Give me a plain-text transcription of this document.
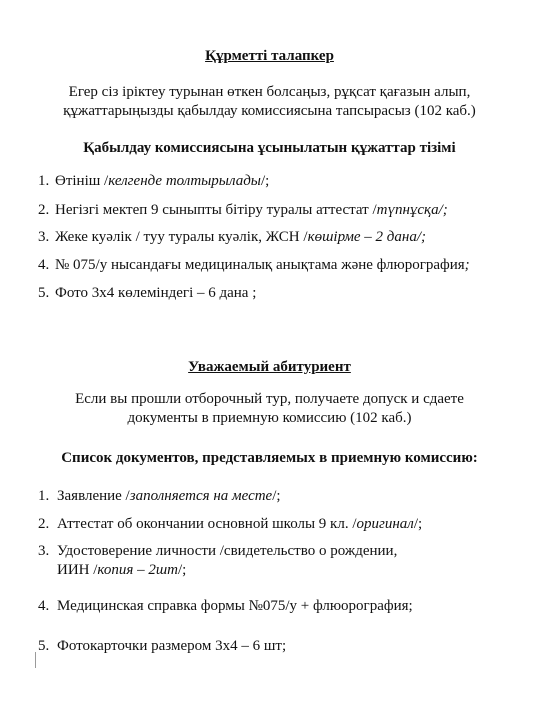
Құрметті талапкер
Егер сіз іріктеу турынан өткен болсаңыз, рұқсат қағазын алып,
құжаттарыңызды қабылдау комиссиясына тапсырасыз (102 каб.)
Қабылдау комиссиясына ұсынылатын құжаттар тізімі
1. Өтініш /келгенде толтырылады/;
2. Негізгі мектеп 9 сыныпты бітіру туралы аттестат /түпнұсқа/;
3. Жеке куәлік / туу туралы куәлік, ЖСН /көшірме – 2 дана/;
4. № 075/у нысандағы медициналық анықтама және флюрография;
5. Фото 3х4 көлеміндегі – 6 дана ;
Уважаемый абитуриент
Если вы прошли отборочный тур, получаете допуск и сдаете
документы в приемную комиссию (102 каб.)
Список документов, представляемых в приемную комиссию:
1. Заявление /заполняется на месте/;
2. Аттестат об окончании основной школы 9 кл. /оригинал/;
3. Удостоверение личности /свидетельство о рождении,
ИИН /копия – 2шт/;
4. Медицинская справка формы №075/у + флюорография;
5. Фотокарточки размером 3х4 – 6 шт;
